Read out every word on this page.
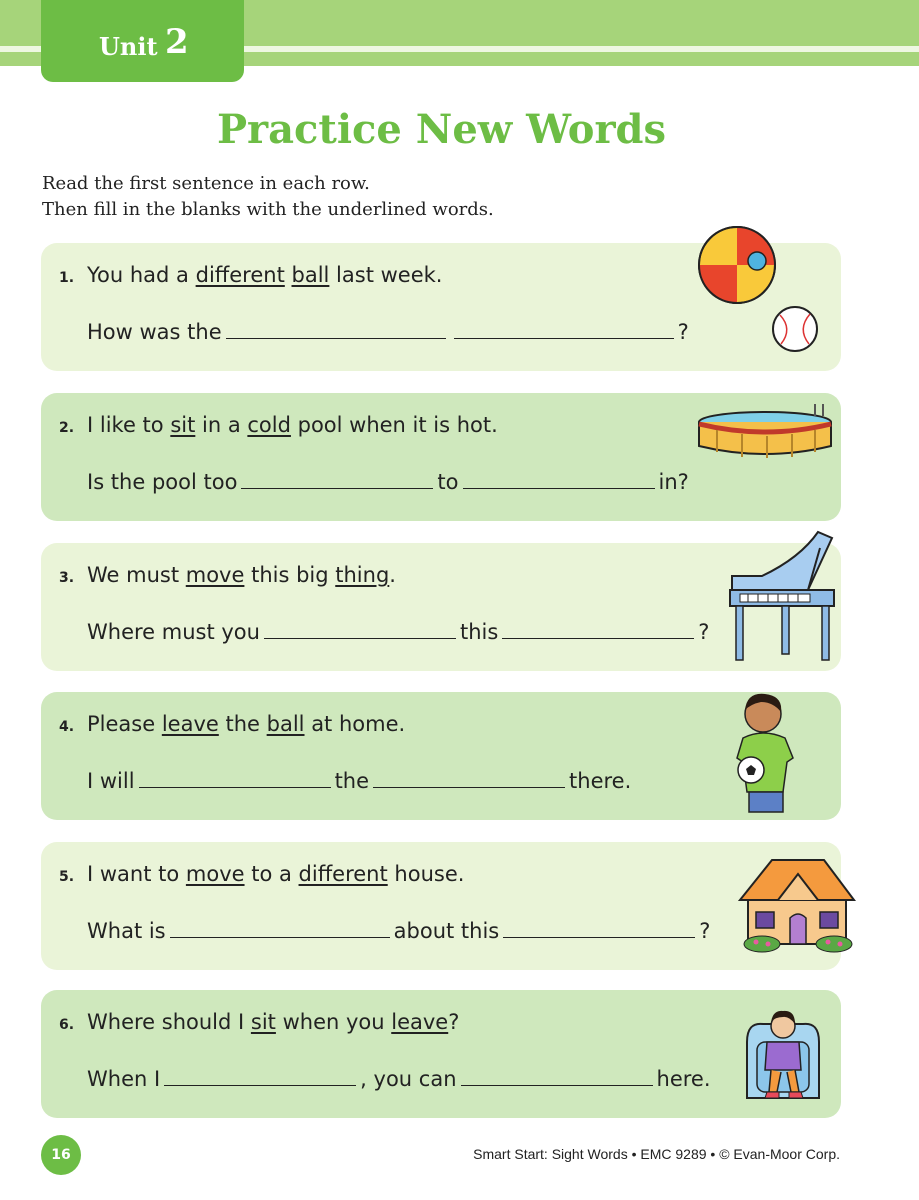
Unit 2
Practice New Words
Read the first sentence in each row.
Then fill in the blanks with the underlined words.
1. You had a different ball last week.
How was the	?
2. I like to sit in a cold pool when it is hot.
Is the pool too	to	in?
3. We must move this big thing.
Where must you	this	?
4. Please leave the ball at home.
I will	the	there.
5. I want to move to a different house.
What is	about this	?
6. Where should I sit when you leave?
When I	, you can	here.
16	Smart Start: Sight Words • EMC 9289 • © Evan-Moor Corp.
